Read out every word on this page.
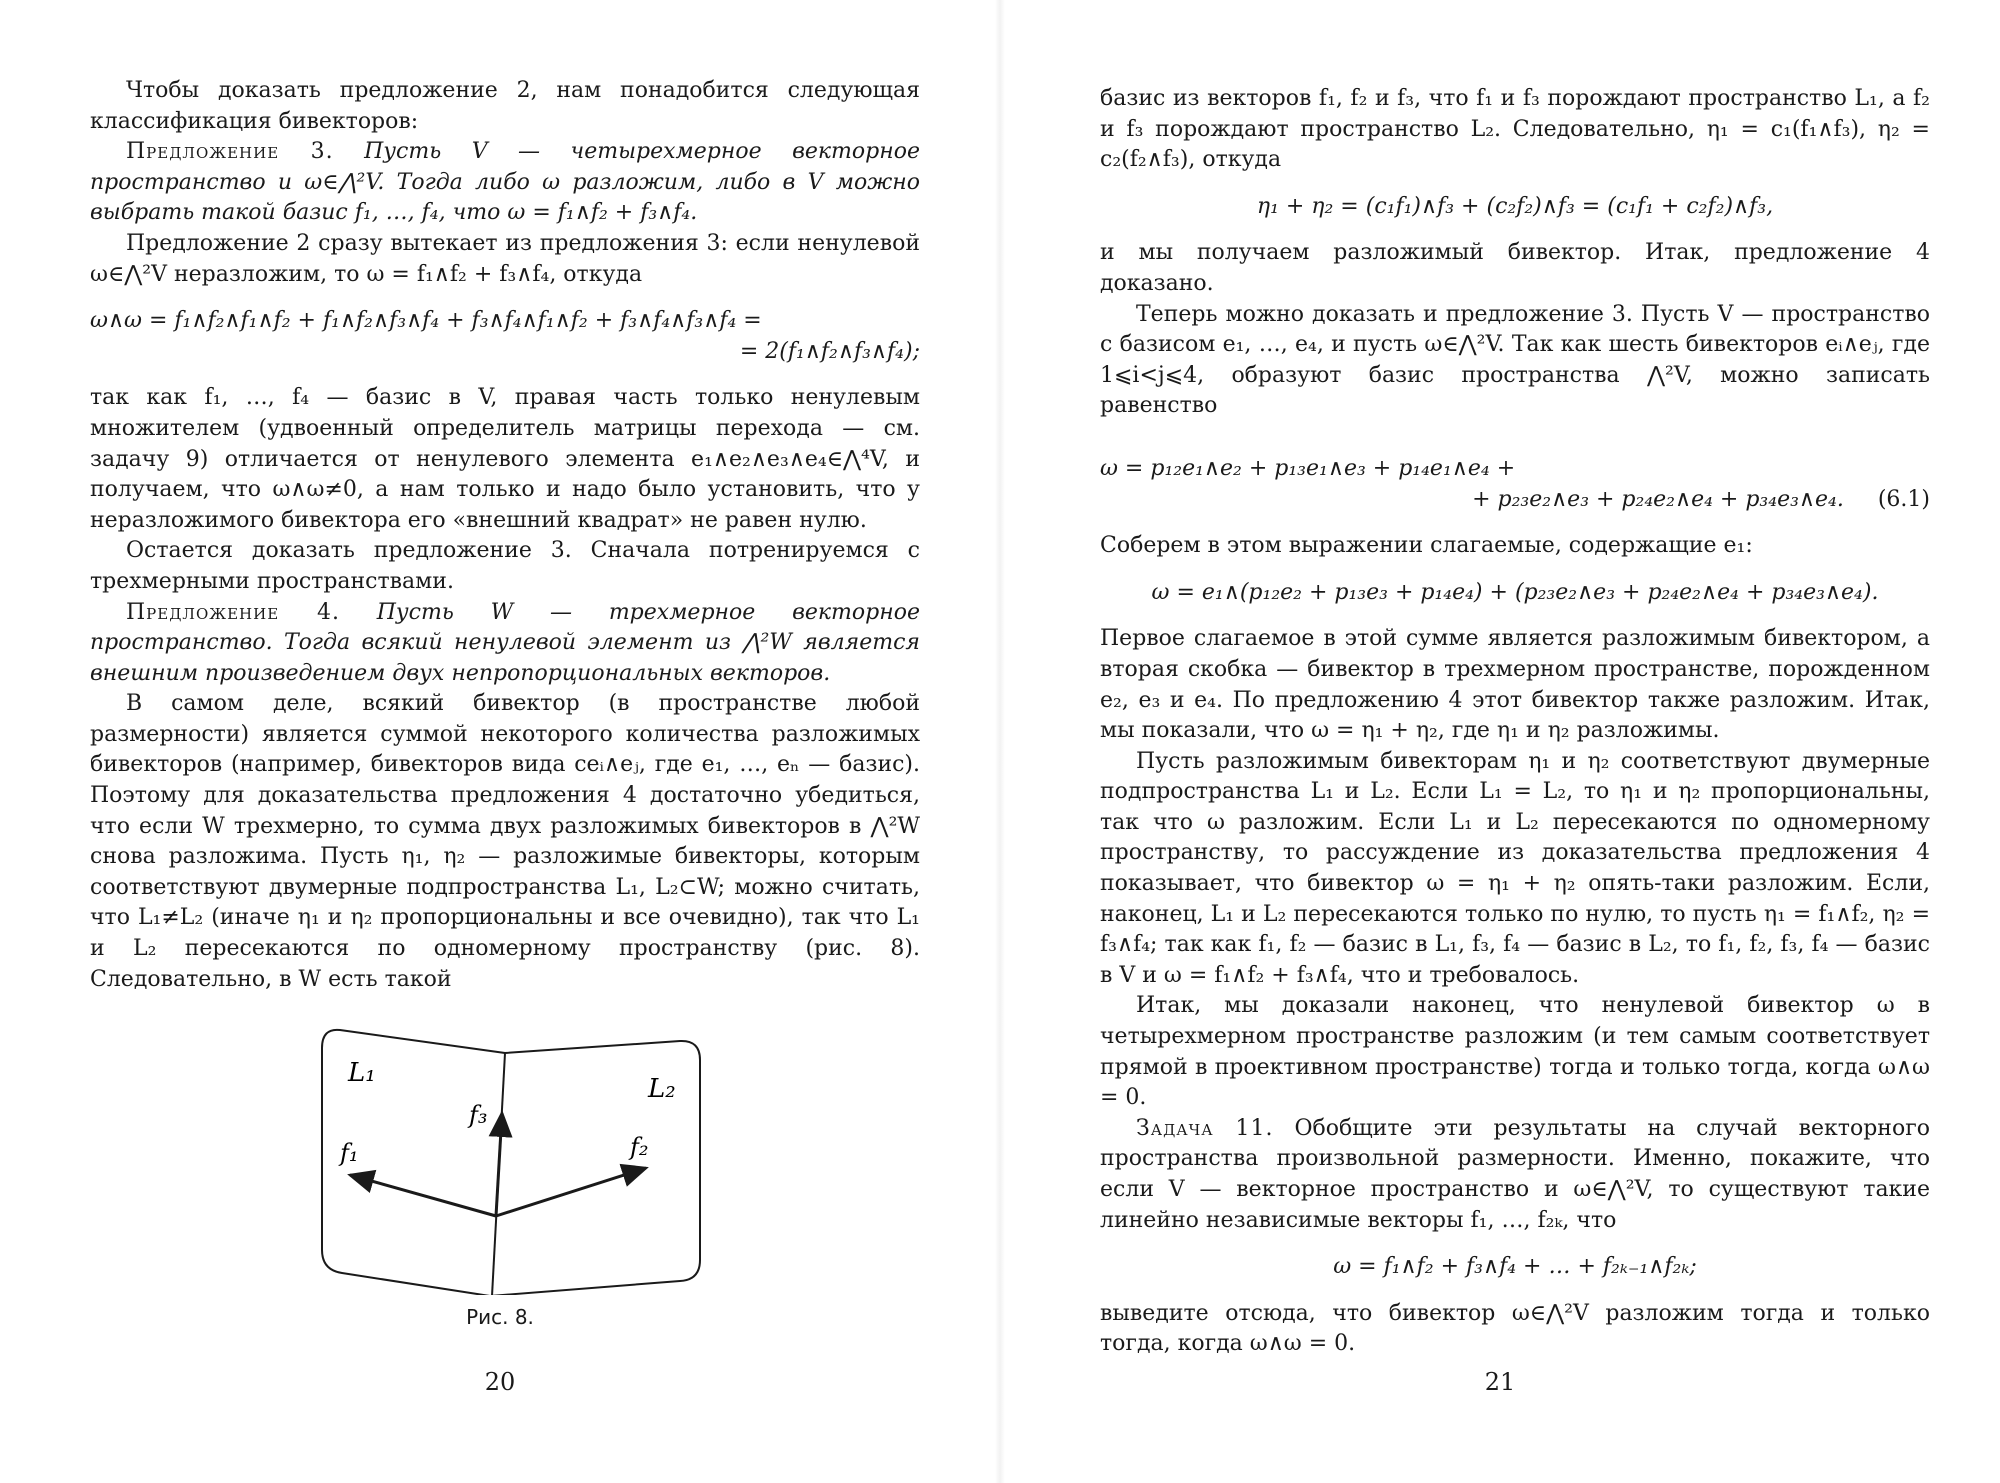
Чтобы доказать предложение 2, нам понадобится следующая классификация бивекторов:

Предложение 3. Пусть V — четырехмерное векторное пространство и ω∈⋀²V. Тогда либо ω разложим, либо в V можно выбрать такой базис f₁, …, f₄, что ω = f₁∧f₂ + f₃∧f₄.

Предложение 2 сразу вытекает из предложения 3: если ненулевой ω∈⋀²V неразложим, то ω = f₁∧f₂ + f₃∧f₄, откуда

ω∧ω = f₁∧f₂∧f₁∧f₂ + f₁∧f₂∧f₃∧f₄ + f₃∧f₄∧f₁∧f₂ + f₃∧f₄∧f₃∧f₄ =
= 2(f₁∧f₂∧f₃∧f₄);

так как f₁, …, f₄ — базис в V, правая часть только ненулевым множителем (удвоенный определитель матрицы перехода — см. задачу 9) отличается от ненулевого элемента e₁∧e₂∧e₃∧e₄∈⋀⁴V, и получаем, что ω∧ω≠0, а нам только и надо было установить, что у неразложимого бивектора его «внешний квадрат» не равен нулю.

Остается доказать предложение 3. Сначала потренируемся с трехмерными пространствами.

Предложение 4. Пусть W — трехмерное векторное пространство. Тогда всякий ненулевой элемент из ⋀²W является внешним произведением двух непропорциональных векторов.

В самом деле, всякий бивектор (в пространстве любой размерности) является суммой некоторого количества разложимых бивекторов (например, бивекторов вида ceᵢ∧eⱼ, где e₁, …, eₙ — базис). Поэтому для доказательства предложения 4 достаточно убедиться, что если W трехмерно, то сумма двух разложимых бивекторов в ⋀²W снова разложима. Пусть η₁, η₂ — разложимые бивекторы, которым соответствуют двумерные подпространства L₁, L₂⊂W; можно считать, что L₁≠L₂ (иначе η₁ и η₂ пропорциональны и все очевидно), так что L₁ и L₂ пересекаются по одномерному пространству (рис. 8). Следовательно, в W есть такой

L₁
L₂
f₃
f₁	f₂
Рис. 8.
20

базис из векторов f₁, f₂ и f₃, что f₁ и f₃ порождают пространство L₁, а f₂ и f₃ порождают пространство L₂. Следовательно, η₁ = c₁(f₁∧f₃), η₂ = c₂(f₂∧f₃), откуда

η₁ + η₂ = (c₁f₁)∧f₃ + (c₂f₂)∧f₃ = (c₁f₁ + c₂f₂)∧f₃,

и мы получаем разложимый бивектор. Итак, предложение 4 доказано.

Теперь можно доказать и предложение 3. Пусть V — пространство с базисом e₁, …, e₄, и пусть ω∈⋀²V. Так как шесть бивекторов eᵢ∧eⱼ, где 1⩽i<j⩽4, образуют базис пространства ⋀²V, можно записать равенство

ω = p₁₂e₁∧e₂ + p₁₃e₁∧e₃ + p₁₄e₁∧e₄ +
+ p₂₃e₂∧e₃ + p₂₄e₂∧e₄ + p₃₄e₃∧e₄. (6.1)

Соберем в этом выражении слагаемые, содержащие e₁:

ω = e₁∧(p₁₂e₂ + p₁₃e₃ + p₁₄e₄) + (p₂₃e₂∧e₃ + p₂₄e₂∧e₄ + p₃₄e₃∧e₄).

Первое слагаемое в этой сумме является разложимым бивектором, а вторая скобка — бивектор в трехмерном пространстве, порожденном e₂, e₃ и e₄. По предложению 4 этот бивектор также разложим. Итак, мы показали, что ω = η₁ + η₂, где η₁ и η₂ разложимы.

Пусть разложимым бивекторам η₁ и η₂ соответствуют двумерные подпространства L₁ и L₂. Если L₁ = L₂, то η₁ и η₂ пропорциональны, так что ω разложим. Если L₁ и L₂ пересекаются по одномерному пространству, то рассуждение из доказательства предложения 4 показывает, что бивектор ω = η₁ + η₂ опять-таки разложим. Если, наконец, L₁ и L₂ пересекаются только по нулю, то пусть η₁ = f₁∧f₂, η₂ = f₃∧f₄; так как f₁, f₂ — базис в L₁, f₃, f₄ — базис в L₂, то f₁, f₂, f₃, f₄ — базис в V и ω = f₁∧f₂ + f₃∧f₄, что и требовалось.

Итак, мы доказали наконец, что ненулевой бивектор ω в четырехмерном пространстве разложим (и тем самым соответствует прямой в проективном пространстве) тогда и только тогда, когда ω∧ω = 0.

Задача 11. Обобщите эти результаты на случай векторного пространства произвольной размерности. Именно, покажите, что если V — векторное пространство и ω∈⋀²V, то существуют такие линейно независимые векторы f₁, …, f₂ₖ, что

ω = f₁∧f₂ + f₃∧f₄ + … + f₂ₖ₋₁∧f₂ₖ;

выведите отсюда, что бивектор ω∈⋀²V разложим тогда и только тогда, когда ω∧ω = 0.

21
